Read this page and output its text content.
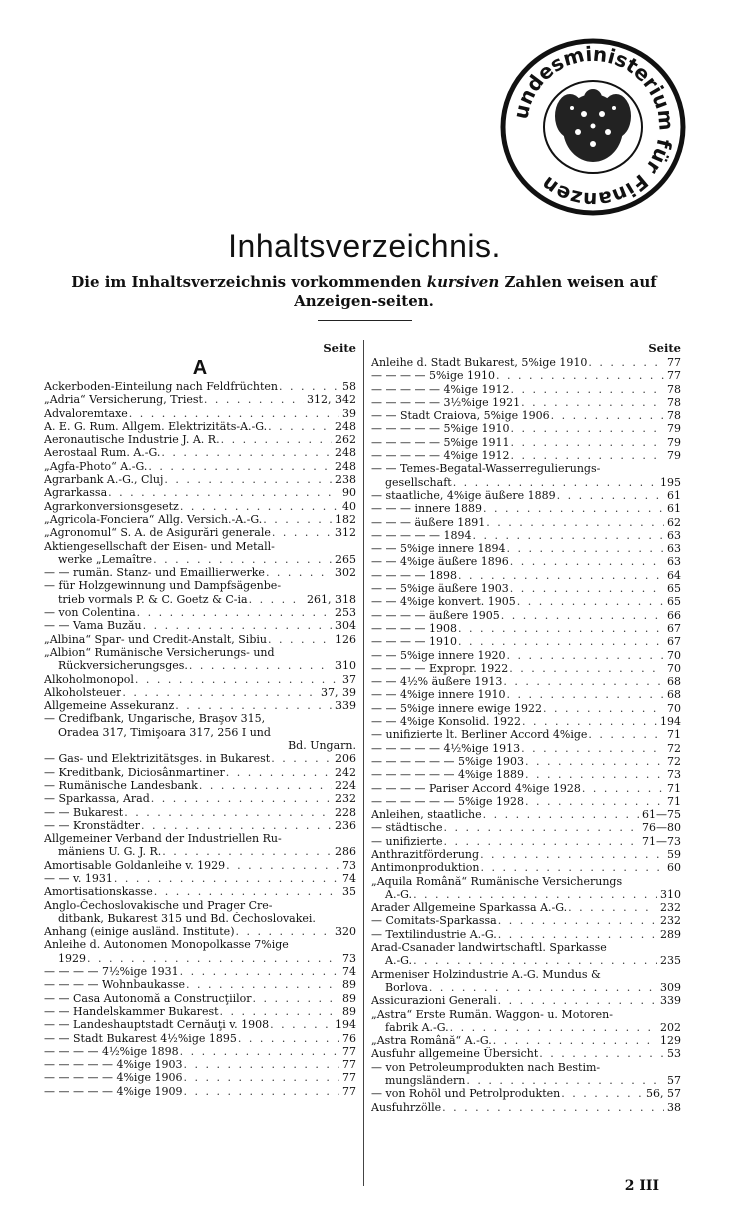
undesministerium für Finanzen
Inhaltsverzeichnis.
Die im Inhaltsverzeichnis vorkommenden kursiven Zahlen weisen auf Anzeigen-seiten.
Seite
A
Ackerboden-Einteilung nach Feldfrüchten . . .	58
„Adria“ Versicherung, Triest . . .	312, 342
Advaloremtaxe . . .	39
A. E. G. Rum. Allgem. Elektrizitäts-A.-G. . . .	248
Aeronautische Industrie J. A. R. . . .	262
Aerostaal Rum. A.-G. . . .	248
„Agfa-Photo“ A.-G. . . .	248
Agrarbank A.-G., Cluj . . .	238
Agrarkassa . . .	90
Agrarkonversionsgesetz . . .	40
„Agricola-Fonciera“ Allg. Versich.-A.-G. . . .	182
„Agronomul“ S. A. de Asigurări generale . . .	312
Aktiengesellschaft der Eisen- und Metall-
werke „Lemaître . . .	265
— — rumän. Stanz- und Emaillierwerke . . .	302
— für Holzgewinnung und Dampfsägenbe-
trieb vormals P. & C. Goetz & C-ia . . .	261, 318
— von Colentina . . .	253
— — Vama Buzău . . .	304
„Albina“ Spar- und Credit-Anstalt, Sibiu . . .	126
„Albion“ Rumänische Versicherungs- und
Rückversicherungsges. . . .	310
Alkoholmonopol . . .	37
Alkoholsteuer . . .	37, 39
Allgemeine Assekuranz . . .	339
— Credifbank, Ungarische, Braşov 315,
Oradea 317, Timişoara 317, 256 I und
Bd. Ungarn.
— Gas- und Elektrizitätsges. in Bukarest . . .	206
— Kreditbank, Diciosânmartiner . . .	242
— Rumänische Landesbank . . .	224
— Sparkassa, Arad . . .	232
— — Bukarest . . .	228
— — Kronstädter . . .	236
Allgemeiner Verband der Industriellen Ru-
mäniens U. G. J. R. . . .	286
Amortisable Goldanleihe v. 1929 . . .	73
— — v. 1931 . . .	74
Amortisationskasse . . .	35
Anglo-Čechoslovakische und Prager Cre-
ditbank, Bukarest 315 und Bd. Čechoslovakei.
Anhang (einige ausländ. Institute) . . .	320
Anleihe d. Autonomen Monopolkasse 7%ige
1929 . . .	73
— — — — 7½%ige 1931 . . .	74
— — — — Wohnbaukasse . . .	89
— — Casa Autonomă a Construcţiilor . . .	89
— — Handelskammer Bukarest . . .	89
— — Landeshauptstadt Cernăuţi v. 1908 . . .	194
— — Stadt Bukarest 4½%ige 1895 . . .	76
— — — — 4½%ige 1898 . . .	77
— — — — — 4%ige 1903 . . .	77
— — — — — 4%ige 1906 . . .	77
— — — — — 4%ige 1909 . . .	77
Seite
Anleihe d. Stadt Bukarest, 5%ige 1910 . . .	77
— — — — 5%ige 1910 . . .	77
— — — — — 4%ige 1912 . . .	78
— — — — — 3½%ige 1921 . . .	78
— — Stadt Craiova, 5%ige 1906 . . .	78
— — — — — 5%ige 1910 . . .	79
— — — — — 5%ige 1911 . . .	79
— — — — — 4%ige 1912 . . .	79
— — Temes-Begatal-Wasserregulierungs-
gesellschaft . . .	195
— staatliche, 4%ige äußere 1889 . . .	61
— — — innere 1889 . . .	61
— — — äußere 1891 . . .	62
— — — — — 1894 . . .	63
— — 5%ige innere 1894 . . .	63
— — 4%ige äußere 1896 . . .	63
— — — — 1898 . . .	64
— — 5%ige äußere 1903 . . .	65
— — 4%ige konvert. 1905 . . .	65
— — — — äußere 1905 . . .	66
— — — — 1908 . . .	67
— — — — 1910 . . .	67
— — 5%ige innere 1920 . . .	70
— — — — Expropr. 1922 . . .	70
— — 4½% äußere 1913 . . .	68
— — 4%ige innere 1910 . . .	68
— — 5%ige innere ewige 1922 . . .	70
— — 4%ige Konsolid. 1922 . . .	194
— unifizierte lt. Berliner Accord 4%ige . . .	71
— — — — — 4½%ige 1913 . . .	72
— — — — — — 5%ige 1903 . . .	72
— — — — — — 4%ige 1889 . . .	73
— — — — Pariser Accord 4%ige 1928 . . .	71
— — — — — — 5%ige 1928 . . .	71
Anleihen, staatliche . . .	61—75
— städtische . . .	76—80
— unifizierte . . .	71—73
Anthrazitförderung . . .	59
Antimonproduktion . . .	60
„Aquila Română“ Rumänische Versicherungs
A.-G. . . .	310
Arader Allgemeine Sparkassa A.-G. . . .	232
— Comitats-Sparkassa . . .	232
— Textilindustrie A.-G. . . .	289
Arad-Csanader landwirtschaftl. Sparkasse
A.-G. . . .	235
Armeniser Holzindustrie A.-G. Mundus &
Borlova . . .	309
Assicurazioni Generali . . .	339
„Astra“ Erste Rumän. Waggon- u. Motoren-
fabrik A.-G. . . .	202
„Astra Română“ A.-G. . . .	129
Ausfuhr allgemeine Übersicht . . .	53
— von Petroleumprodukten nach Bestim-
mungsländern . . .	57
— von Rohöl und Petrolprodukten . . .	56, 57
Ausfuhrzölle . . .	38
2 III
